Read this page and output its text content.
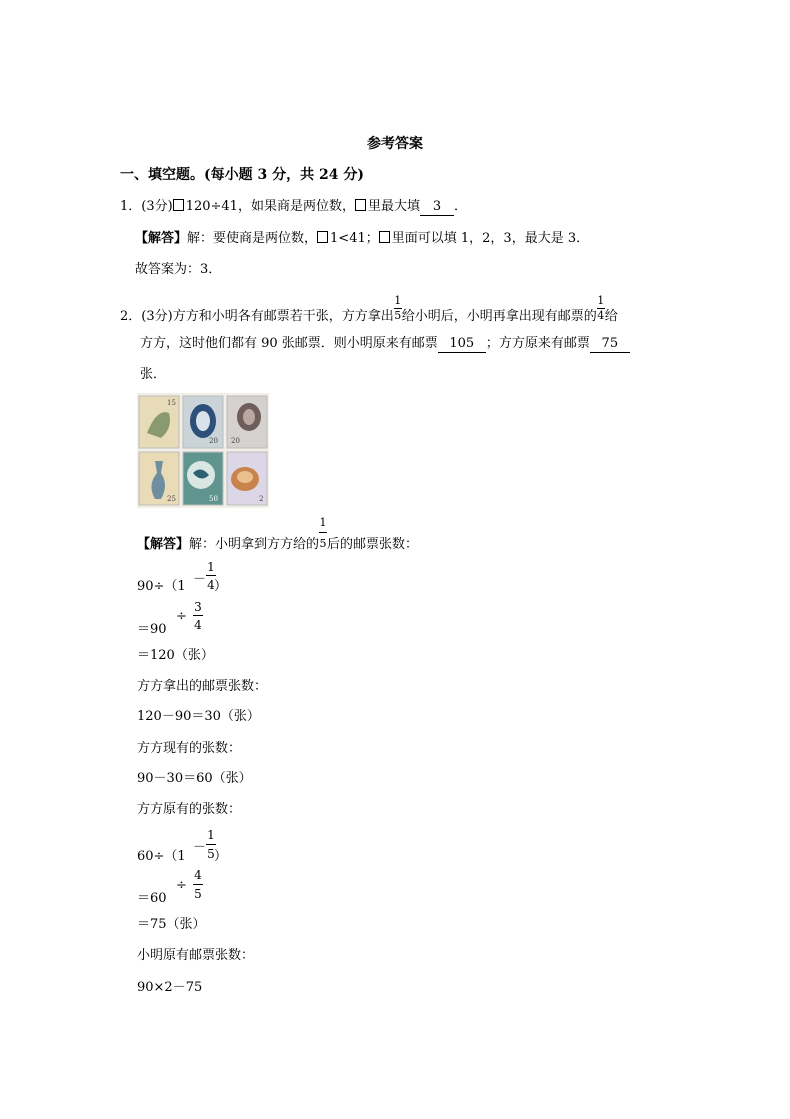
参考答案
一、填空题。(每小题 3 分，共 24 分)
1．(3分) 120÷41，如果商是两位数， 里最大填 3 ．
【解答】解：要使商是两位数， 1<41； 里面可以填 1，2，3，最大是 3．
故答案为：3．
2．(3分)方方和小明各有邮票若干张，方方拿出 $\frac{1}{5}$ 给小明后，小明再拿出现有邮票的 $\frac{1}{4}$ 给
方方，这时他们都有 90 张邮票．则小明原来有邮票 105 ；方方原来有邮票 75
张．
15
20 20
25	50	2
【解答】解：小明拿到方方给的 $\frac{1}{5}$ 后的邮票张数：
90÷（1 －
1
4 ）
＝90
÷
3
4
＝120（张）
方方拿出的邮票张数：
120－90＝30（张）
方方现有的张数：
90－30＝60（张）
方方原有的张数：
60÷（1
－
1
5 ）
＝60
÷
4
5
＝75（张）
小明原有邮票张数：
90×2－75
